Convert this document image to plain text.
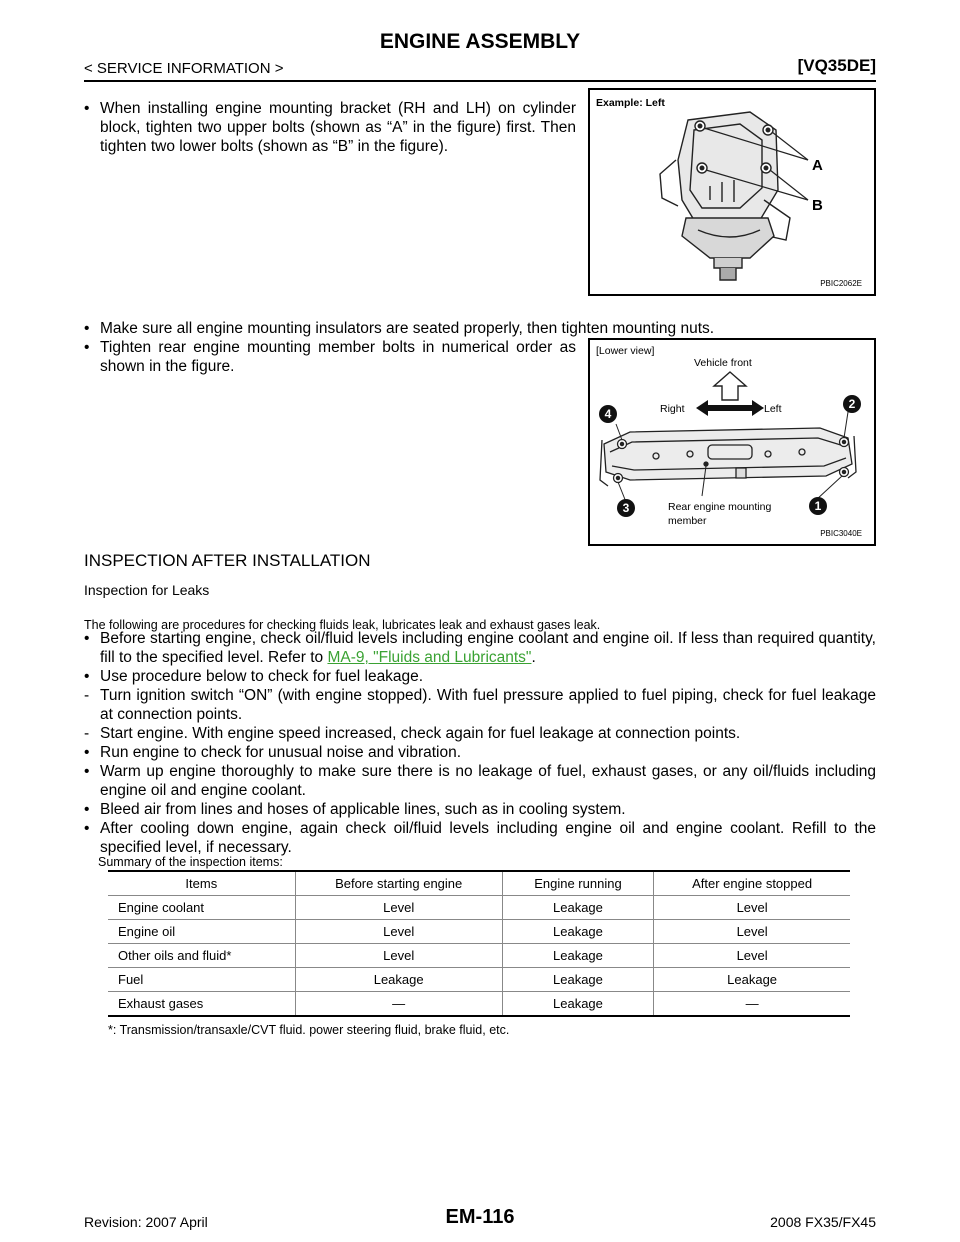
ENGINE ASSEMBLY
< SERVICE INFORMATION >	[VQ35DE]
• When installing engine mounting bracket (RH and LH) on cylinder block, tighten two upper bolts (shown as “A” in the figure) first. Then tighten two lower bolts (shown as “B” in the figure).
• Make sure all engine mounting insulators are seated properly, then tighten mounting nuts.
• Tighten rear engine mounting member bolts in numerical order as shown in the figure.
Example: Left
A
B
PBIC2062E
[Lower view]
Vehicle front
Right	Left
Rear engine mounting
member
4
2
3	1
PBIC3040E
INSPECTION AFTER INSTALLATION
Inspection for Leaks
The following are procedures for checking fluids leak, lubricates leak and exhaust gases leak.
• Before starting engine, check oil/fluid levels including engine coolant and engine oil. If less than required quantity, fill to the specified level. Refer to MA-9, "Fluids and Lubricants".
• Use procedure below to check for fuel leakage.
- Turn ignition switch “ON” (with engine stopped). With fuel pressure applied to fuel piping, check for fuel leakage at connection points.
- Start engine. With engine speed increased, check again for fuel leakage at connection points.
• Run engine to check for unusual noise and vibration.
• Warm up engine thoroughly to make sure there is no leakage of fuel, exhaust gases, or any oil/fluids including engine oil and engine coolant.
• Bleed air from lines and hoses of applicable lines, such as in cooling system.
• After cooling down engine, again check oil/fluid levels including engine oil and engine coolant. Refill to the specified level, if necessary.
Summary of the inspection items:
Items	Before starting engine	Engine running	After engine stopped
Engine coolant	Level	Leakage	Level
Engine oil	Level	Leakage	Level
Other oils and fluid*	Level	Leakage	Level
Fuel	Leakage	Leakage	Leakage
Exhaust gases	—	Leakage	—
*: Transmission/transaxle/CVT fluid. power steering fluid, brake fluid, etc.
EM-116
Revision: 2007 April	2008 FX35/FX45
